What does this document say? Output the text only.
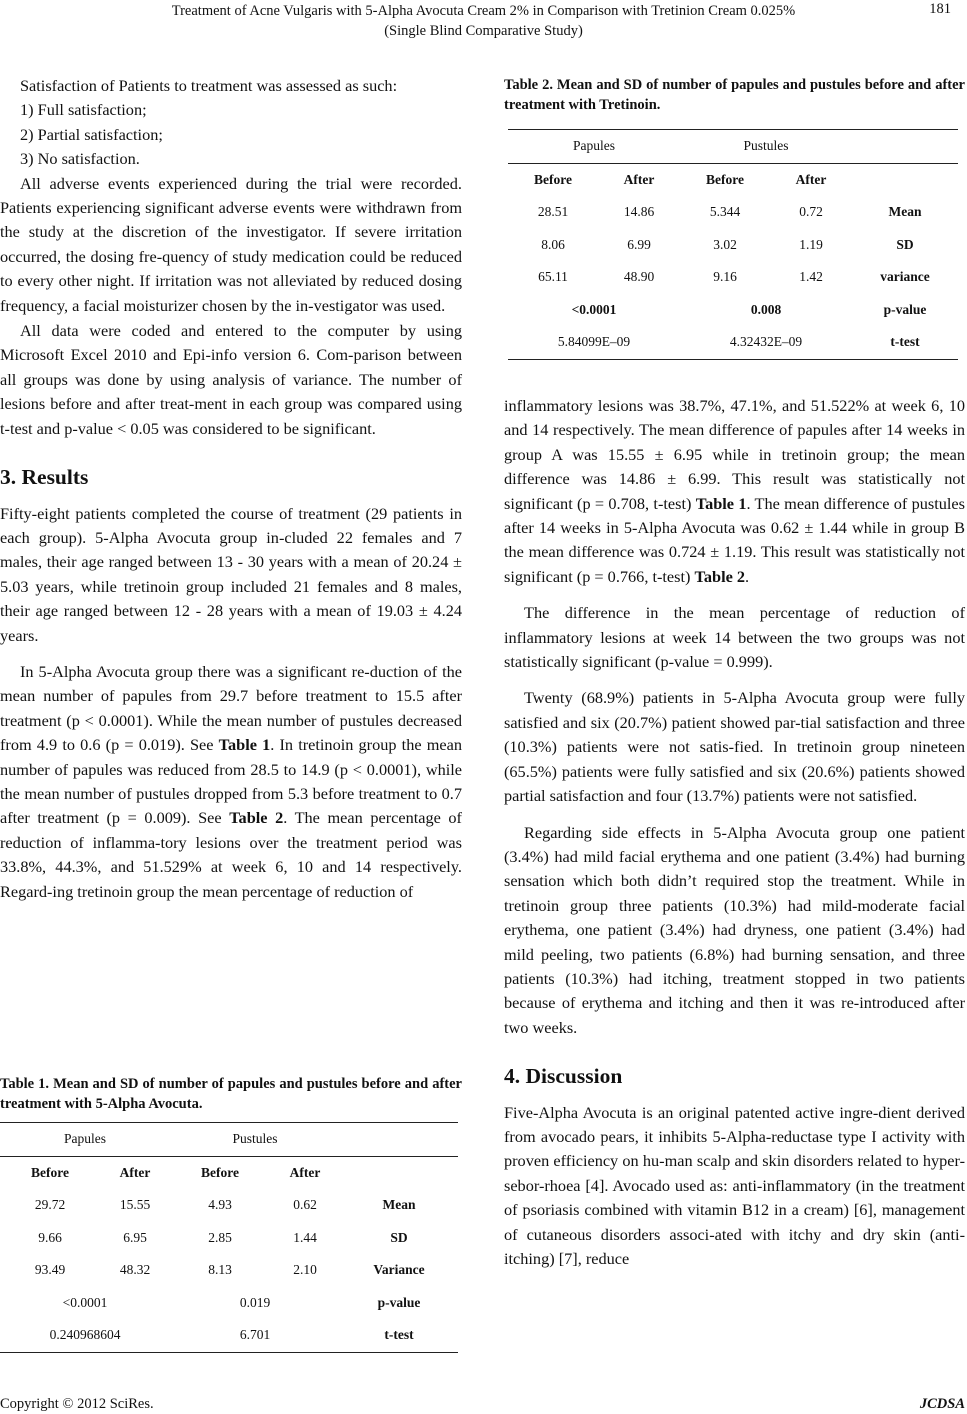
Treatment of Acne Vulgaris with 5-Alpha Avocuta Cream 2% in Comparison with Tretinion Cream 0.025%
(Single Blind Comparative Study)
181

Satisfaction of Patients to treatment was assessed as such:

1) Full satisfaction;

2) Partial satisfaction;

3) No satisfaction.

All adverse events experienced during the trial were recorded. Patients experiencing significant adverse events were withdrawn from the study at the discretion of the investigator. If severe irritation occurred, the dosing fre-quency of study medication could be reduced to every other night. If irritation was not alleviated by reduced dosing frequency, a facial moisturizer chosen by the in-vestigator was used.

All data were coded and entered to the computer by using Microsoft Excel 2010 and Epi-info version 6. Com-parison between all groups was done by using analysis of variance. The number of lesions before and after treat-ment in each group was compared using t-test and p-value < 0.05 was considered to be significant.

3. Results

Fifty-eight patients completed the course of treatment (29 patients in each group). 5-Alpha Avocuta group in-cluded 22 females and 7 males, their age ranged between 13 - 30 years with a mean of 20.24 ± 5.03 years, while tretinoin group included 21 females and 8 males, their age ranged between 12 - 28 years with a mean of 19.03 ± 4.24 years.

In 5-Alpha Avocuta group there was a significant re-duction of the mean number of papules from 29.7 before treatment to 15.5 after treatment (p < 0.0001). While the mean number of pustules decreased from 4.9 to 0.6 (p = 0.019). See Table 1. In tretinoin group the mean number of papules was reduced from 28.5 to 14.9 (p < 0.0001), while the mean number of pustules dropped from 5.3 before treatment to 0.7 after treatment (p = 0.009). See Table 2. The mean percentage of reduction of inflamma-tory lesions over the treatment period was 33.8%, 44.3%, and 51.529% at week 6, 10 and 14 respectively. Regard-ing tretinoin group the mean percentage of reduction of

Table 1. Mean and SD of number of papules and pustules before and after treatment with 5-Alpha Avocuta.

Papules		Pustules		
Before	After	Before	After	
29.72	15.55	4.93	0.62	Mean
9.66	6.95	2.85	1.44	SD
93.49	48.32	8.13	2.10	Variance
<0.0001		0.019		p-value
0.240968604		6.701		t-test

Table 2. Mean and SD of number of papules and pustules before and after treatment with Tretinoin.

Papules		Pustules		
Before	After	Before	After	
28.51	14.86	5.344	0.72	Mean
8.06	6.99	3.02	1.19	SD
65.11	48.90	9.16	1.42	variance
<0.0001		0.008		p-value
5.84099E–09		4.32432E–09		t-test

inflammatory lesions was 38.7%, 47.1%, and 51.522% at week 6, 10 and 14 respectively. The mean difference of papules after 14 weeks in group A was 15.55 ± 6.95 while in tretinoin group; the mean difference was 14.86 ± 6.99. This result was statistically not significant (p = 0.708, t-test) Table 1. The mean difference of pustules after 14 weeks in 5-Alpha Avocuta was 0.62 ± 1.44 while in group B the mean difference was 0.724 ± 1.19. This result was statistically not significant (p = 0.766, t-test) Table 2.

The difference in the mean percentage of reduction of inflammatory lesions at week 14 between the two groups was not statistically significant (p-value = 0.999).

Twenty (68.9%) patients in 5-Alpha Avocuta group were fully satisfied and six (20.7%) patient showed par-tial satisfaction and three (10.3%) patients were not satis-fied. In tretinoin group nineteen (65.5%) patients were fully satisfied and six (20.6%) patients showed partial satisfaction and four (13.7%) patients were not satisfied.

Regarding side effects in 5-Alpha Avocuta group one patient (3.4%) had mild facial erythema and one patient (3.4%) had burning sensation which both didn’t required stop the treatment. While in tretinoin group three patients (10.3%) had mild-moderate facial erythema, one patient (3.4%) had dryness, one patient (3.4%) had mild peeling, two patients (6.8%) had burning sensation, and three patients (10.3%) had itching, treatment stopped in two patients because of erythema and itching and then it was re-introduced after two weeks.

4. Discussion

Five-Alpha Avocuta is an original patented active ingre-dient derived from avocado pears, it inhibits 5-Alpha-reductase type I activity with proven efficiency on hu-man scalp and skin disorders related to hyper-sebor-rhoea [4]. Avocado used as: anti-inflammatory (in the treatment of psoriasis combined with vitamin B12 in a cream) [6], management of cutaneous disorders associ-ated with itchy and dry skin (anti-itching) [7], reduce

Copyright © 2012 SciRes.	JCDSA
